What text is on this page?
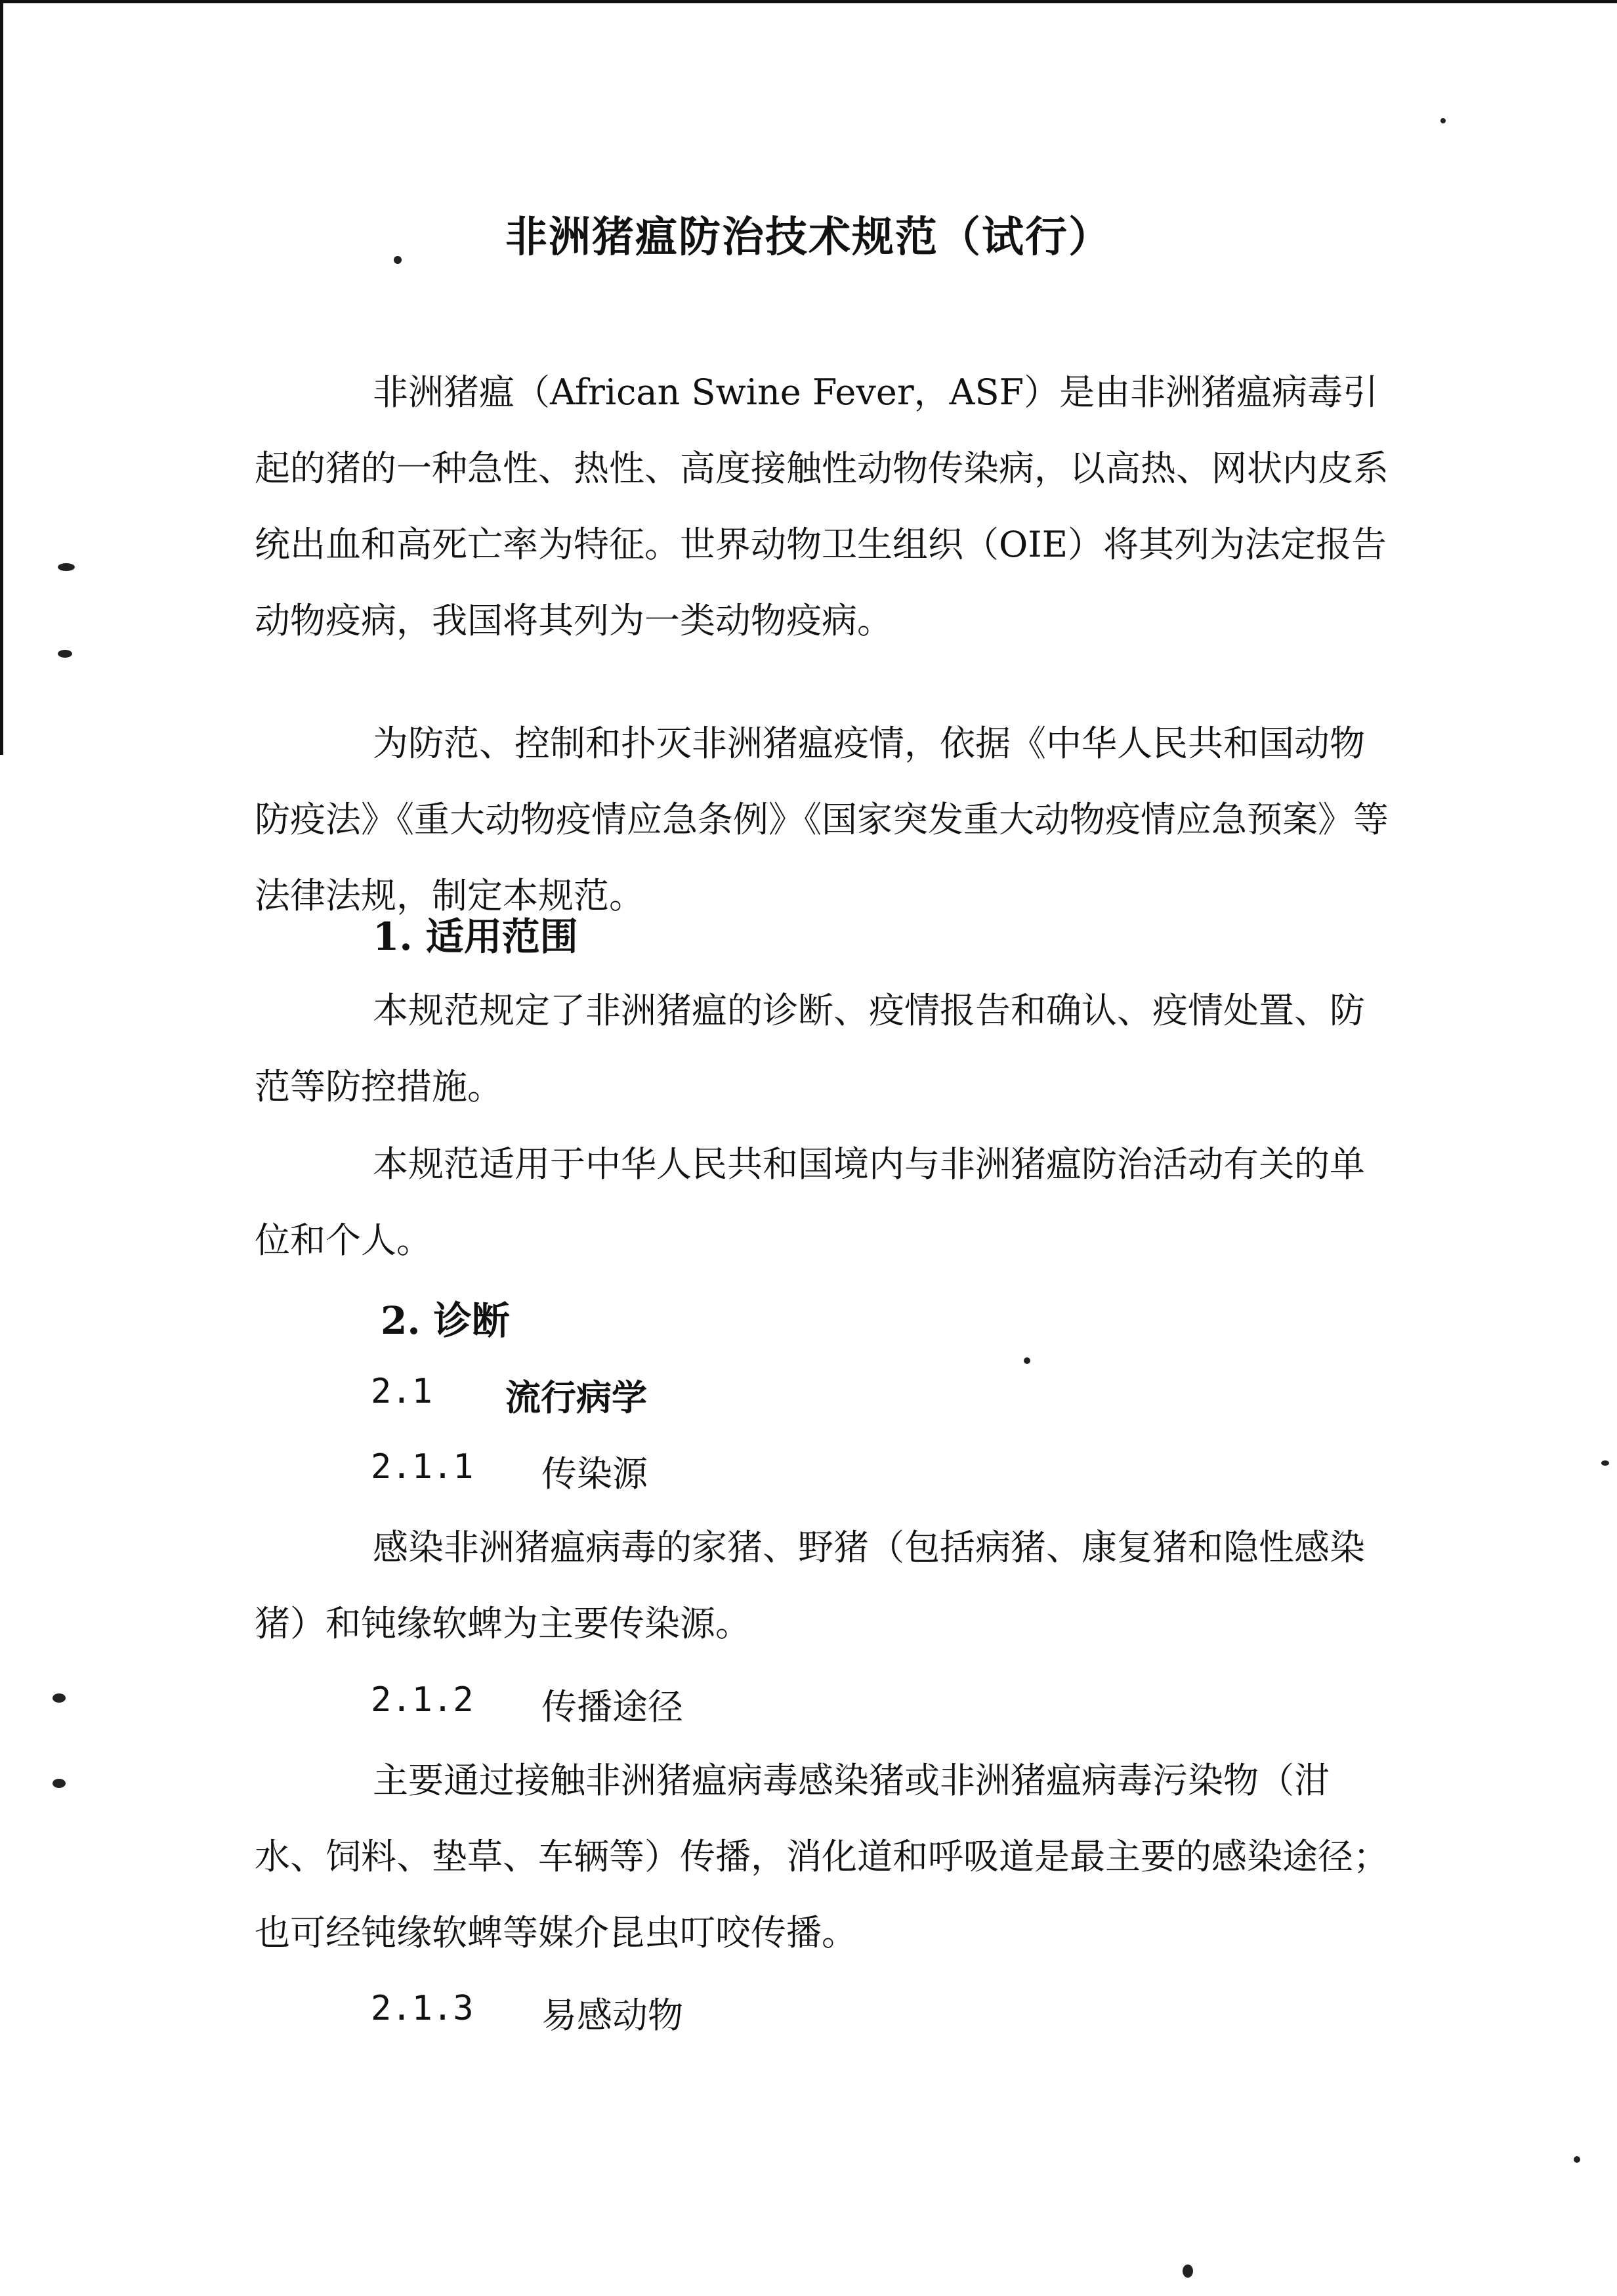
非洲猪瘟防治技术规范（试行）

非洲猪瘟（African Swine Fever，ASF）是由非洲猪瘟病毒引起的猪的一种急性、热性、高度接触性动物传染病，以高热、网状内皮系统出血和高死亡率为特征。世界动物卫生组织（OIE）将其列为法定报告动物疫病，我国将其列为一类动物疫病。

为防范、控制和扑灭非洲猪瘟疫情，依据《中华人民共和国动物防疫法》《重大动物疫情应急条例》《国家突发重大动物疫情应急预案》等法律法规，制定本规范。

1. 适用范围

本规范规定了非洲猪瘟的诊断、疫情报告和确认、疫情处置、防范等防控措施。

本规范适用于中华人民共和国境内与非洲猪瘟防治活动有关的单位和个人。

2. 诊断
2.1 流行病学
2.1.1 传染源

感染非洲猪瘟病毒的家猪、野猪（包括病猪、康复猪和隐性感染猪）和钝缘软蜱为主要传染源。

2.1.2 传播途径

主要通过接触非洲猪瘟病毒感染猪或非洲猪瘟病毒污染物（泔水、饲料、垫草、车辆等）传播，消化道和呼吸道是最主要的感染途径；也可经钝缘软蜱等媒介昆虫叮咬传播。

2.1.3 易感动物
